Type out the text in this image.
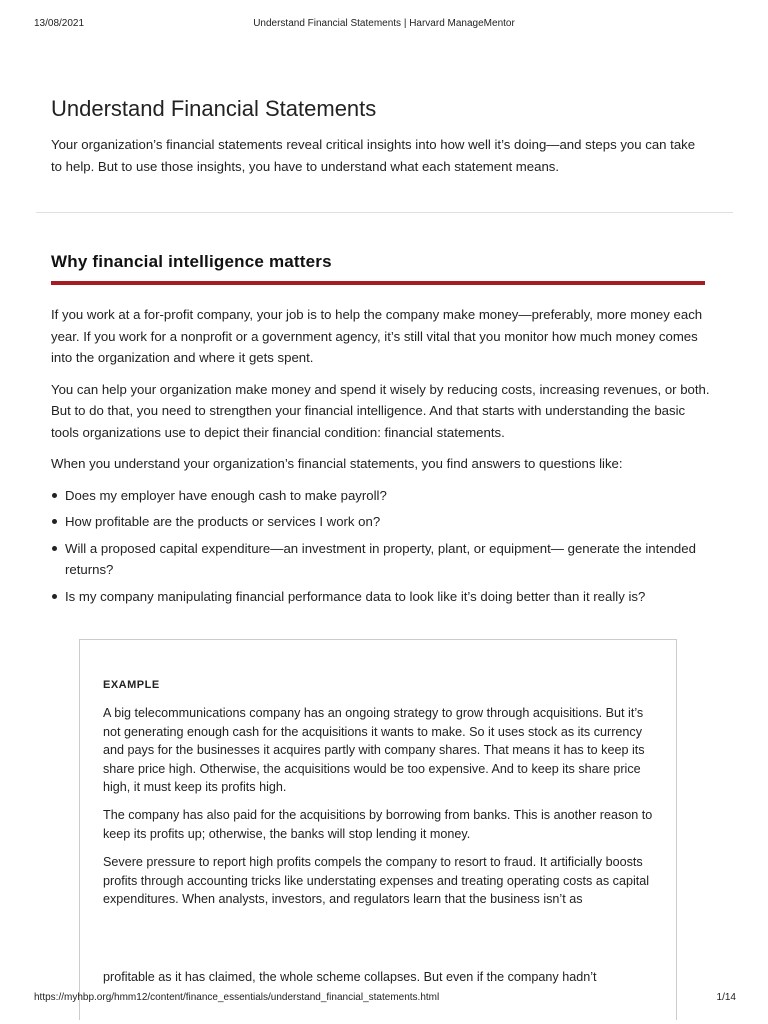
13/08/2021	Understand Financial Statements | Harvard ManageMentor
Understand Financial Statements

Your organization’s financial statements reveal critical insights into how well it’s doing—and steps you can take to help. But to use those insights, you have to understand what each statement means.

Why financial intelligence matters

If you work at a for-profit company, your job is to help the company make money—preferably, more money each year. If you work for a nonprofit or a government agency, it’s still vital that you monitor how much money comes into the organization and where it gets spent.

You can help your organization make money and spend it wisely by reducing costs, increasing revenues, or both. But to do that, you need to strengthen your financial intelligence. And that starts with understanding the basic tools organizations use to depict their financial condition: financial statements.

When you understand your organization’s financial statements, you find answers to questions like:

Does my employer have enough cash to make payroll?
How profitable are the products or services I work on?
Will a proposed capital expenditure—an investment in property, plant, or equipment— generate the intended returns?
Is my company manipulating financial performance data to look like it’s doing better than it really is?
EXAMPLE

A big telecommunications company has an ongoing strategy to grow through acquisitions. But it’s not generating enough cash for the acquisitions it wants to make. So it uses stock as its currency and pays for the businesses it acquires partly with company shares. That means it has to keep its share price high. Otherwise, the acquisitions would be too expensive. And to keep its share price high, it must keep its profits high.

The company has also paid for the acquisitions by borrowing from banks. This is another reason to keep its profits up; otherwise, the banks will stop lending it money.

Severe pressure to report high profits compels the company to resort to fraud. It artificially boosts profits through accounting tricks like understating expenses and treating operating costs as capital expenditures. When analysts, investors, and regulators learn that the business isn’t as

profitable as it has claimed, the whole scheme collapses. But even if the company hadn’t

https://myhbp.org/hmm12/content/finance_essentials/understand_financial_statements.html	1/14
